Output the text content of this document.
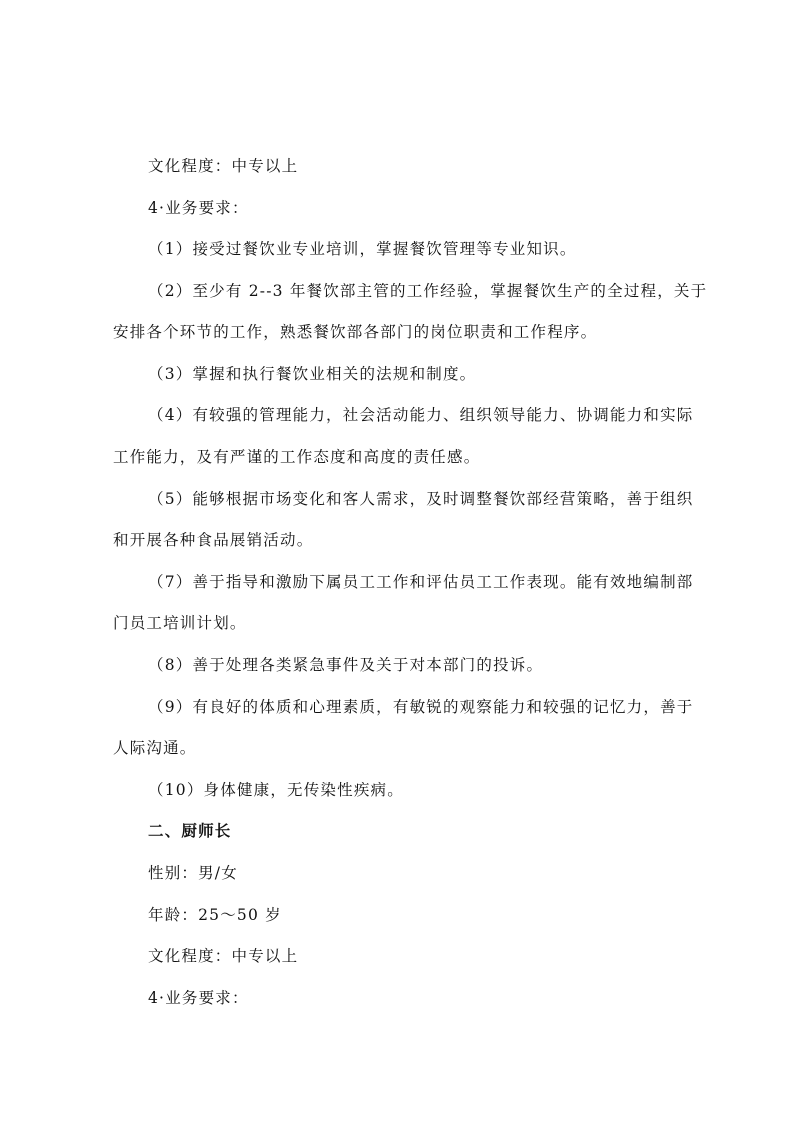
文化程度：中专以上
4·业务要求：
（1）接受过餐饮业专业培训，掌握餐饮管理等专业知识。
（2）至少有 2--3 年餐饮部主管的工作经验，掌握餐饮生产的全过程，关于
安排各个环节的工作，熟悉餐饮部各部门的岗位职责和工作程序。
（3）掌握和执行餐饮业相关的法规和制度。
（4）有较强的管理能力，社会活动能力、组织领导能力、协调能力和实际
工作能力，及有严谨的工作态度和高度的责任感。
（5）能够根据市场变化和客人需求，及时调整餐饮部经营策略，善于组织
和开展各种食品展销活动。
（7）善于指导和激励下属员工工作和评估员工工作表现。能有效地编制部
门员工培训计划。
（8）善于处理各类紧急事件及关于对本部门的投诉。
（9）有良好的体质和心理素质，有敏锐的观察能力和较强的记忆力，善于
人际沟通。
（10）身体健康，无传染性疾病。
二、厨师长
性别：男/女
年龄：25～50 岁
文化程度：中专以上
4·业务要求：
